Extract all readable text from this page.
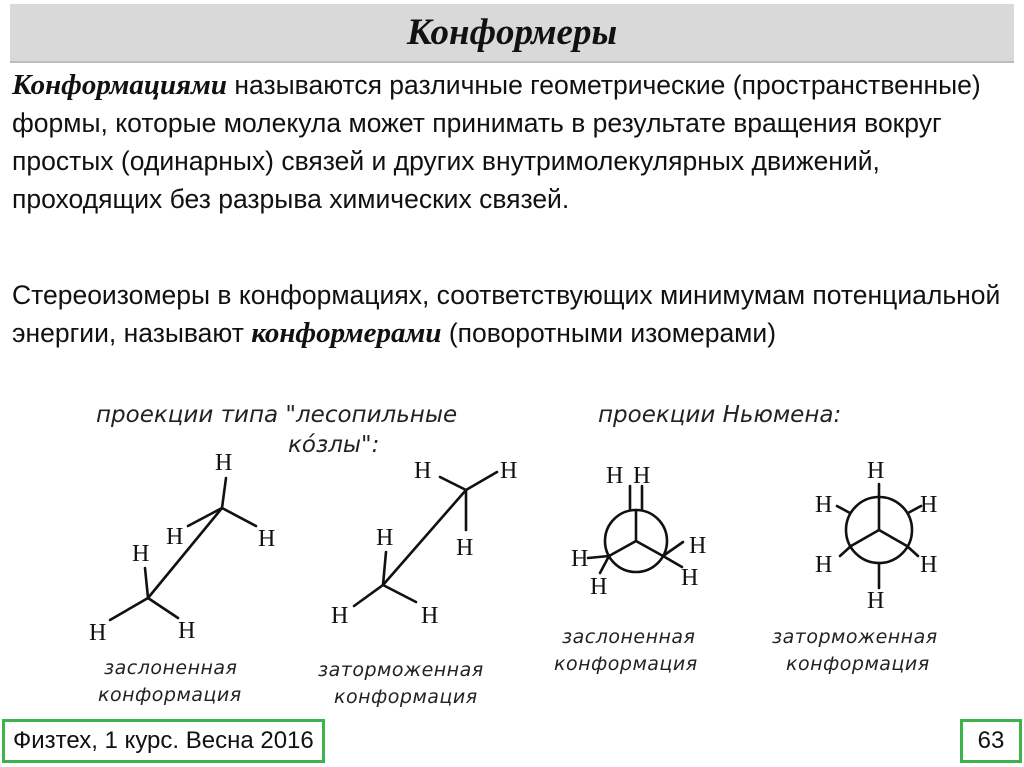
Конформеры
Конформациями называются различные геометрические (пространственные) формы, которые молекула может принимать в результате вращения вокруг простых (одинарных) связей и других внутримолекулярных движений, проходящих без разрыва химических связей.
Стереоизомеры в конформациях, соответствующих минимумам потенциальной энергии, называют конформерами (поворотными изомерами)
проекции типа "лесопильные
ко́злы":
проекции Ньюмена:
заслоненная
конформация
заторможенная
конформация
заслоненная
конформация
заторможенная
конформация
H
H	H
H
H	H
H	H
H	H
H	H
H H
H
H
H
H
H
H	H
H	H
H
Физтех, 1 курс. Весна 2016	63
